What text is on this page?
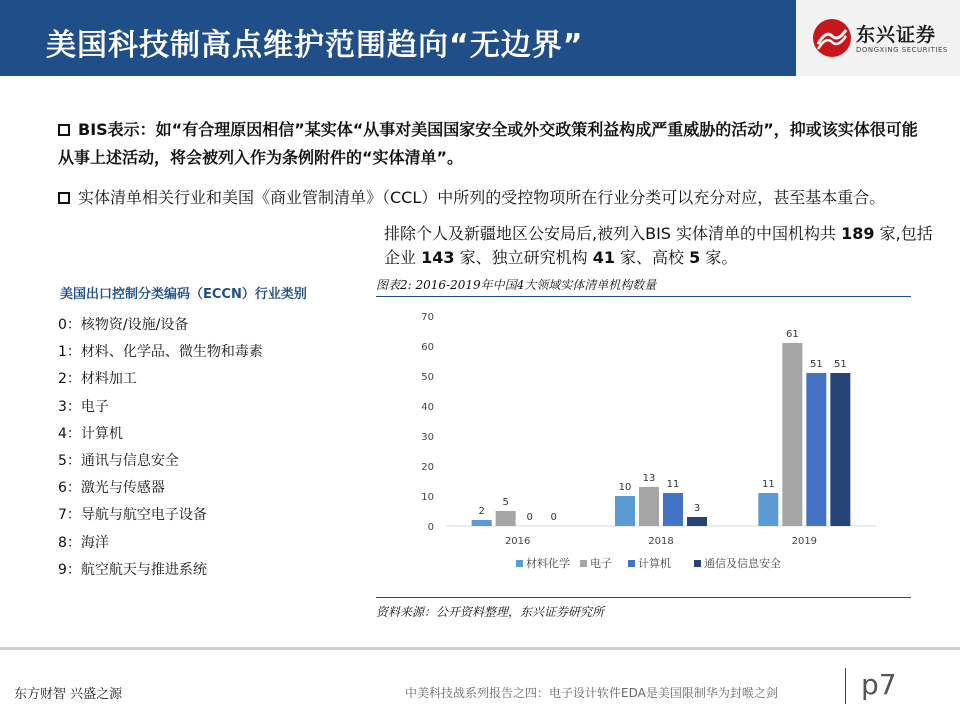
美国科技制高点维护范围趋向“无边界”	东兴证券
DONGXING SECURITIES
BIS表示：如“有合理原因相信”某实体“从事对美国国家安全或外交政策利益构成严重威胁的活动”，抑或该实体很可能从事上述活动，将会被列入作为条例附件的“实体清单”。
实体清单相关行业和美国《商业管制清单》（CCL）中所列的受控物项所在行业分类可以充分对应，甚至基本重合。
排除个人及新疆地区公安局后,被列入BIS 实体清单的中国机构共 189 家,包括企业 143 家、独立研究机构 41 家、高校 5 家。
美国出口控制分类编码（ECCN）行业类别
0：核物资/设施/设备
1：材料、化学品、微生物和毒素
2：材料加工
3：电子
4：计算机
5：通讯与信息安全
6：激光与传感器
7：导航与航空电子设备
8：海洋
9：航空航天与推进系统
图表2: 2016-2019年中国4大领域实体清单机构数量
0
10
20
30
40
50
60
70
2
5
0 0
2016
10
13
11
3
2018
11
61
51 51
2019
材料化学 电子 计算机	通信及信息安全
资料来源：公开资料整理，东兴证券研究所
东方财智 兴盛之源	中美科技战系列报告之四：电子设计软件EDA是美国限制华为封喉之剑	p7
